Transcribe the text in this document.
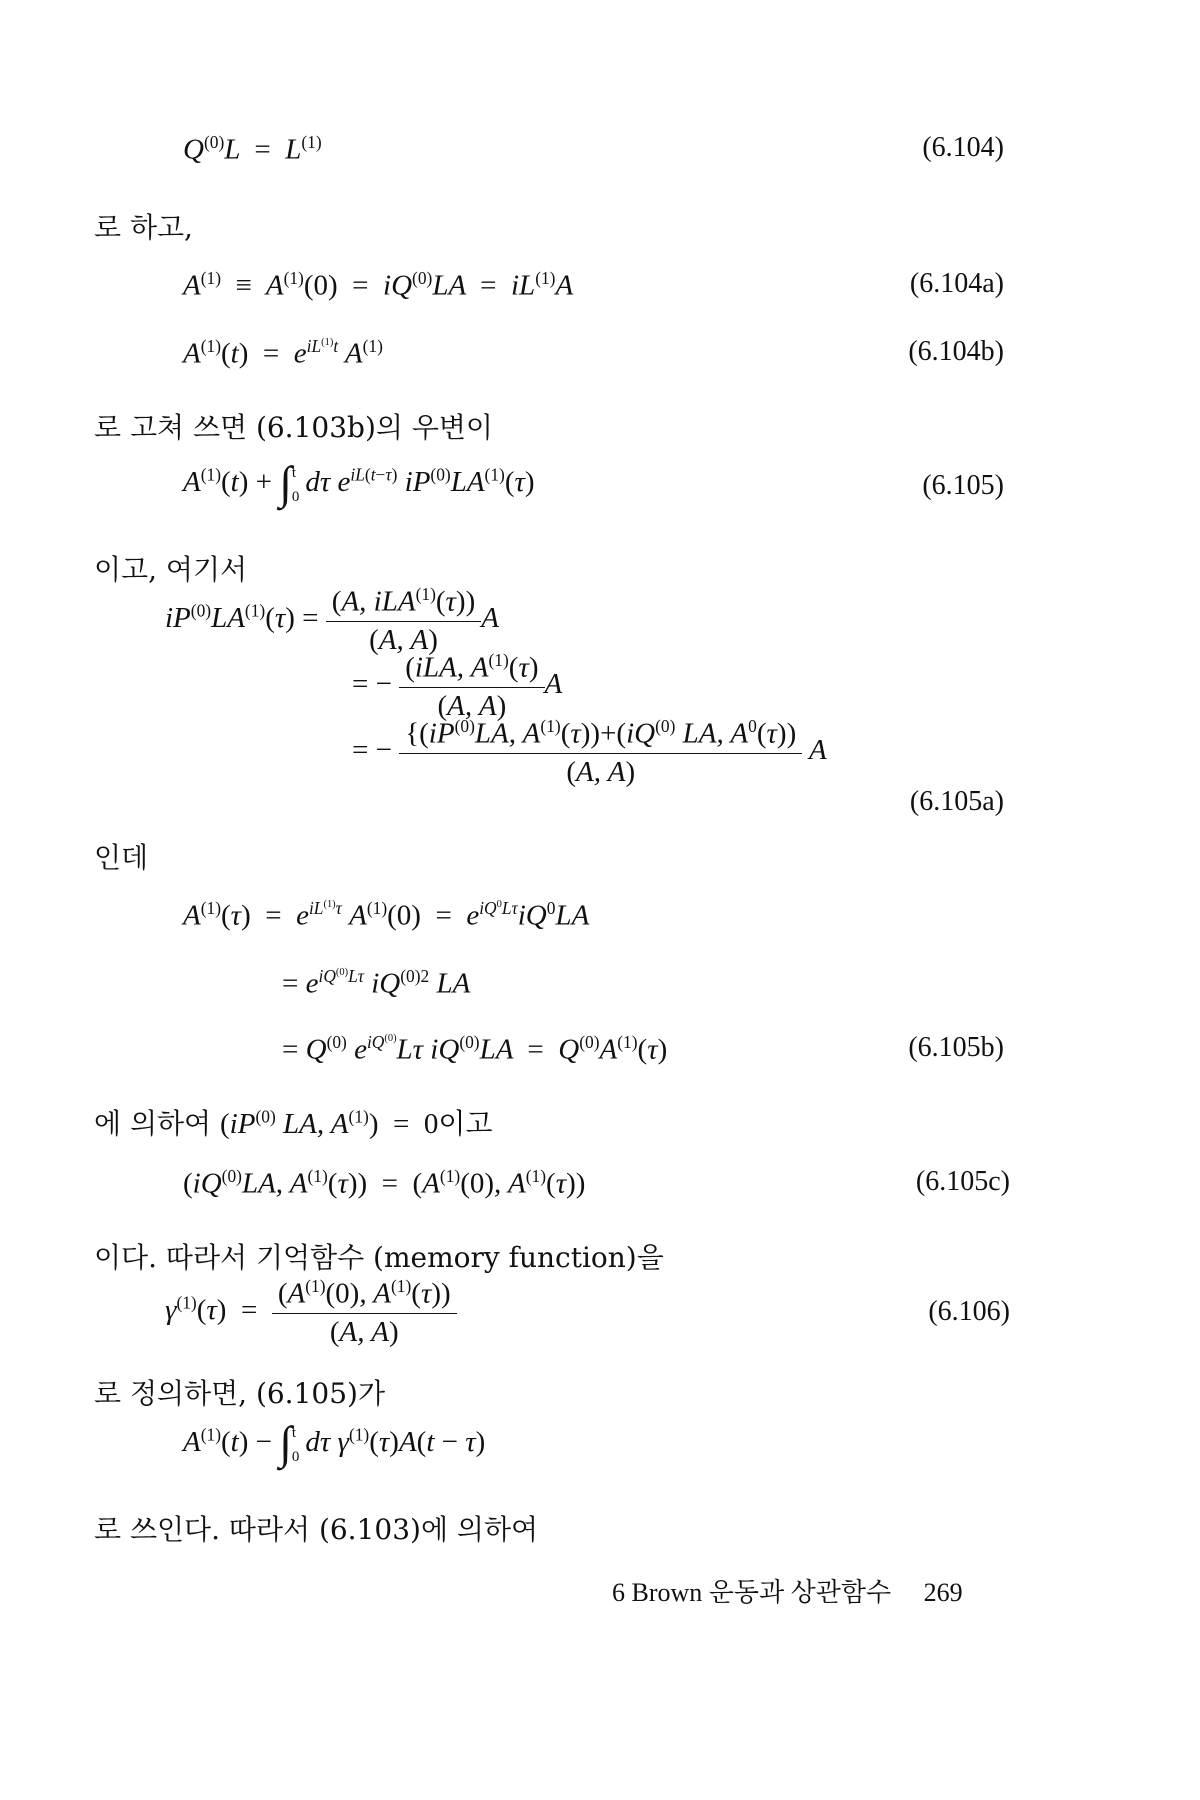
$Q^{(0)}L = L^{(1)}$	(6.104)
로 하고,
$A^{(1)} \equiv A^{(1)}(0) = iQ^{(0)}LA = iL^{(1)}A$	(6.104a)
$A^{(1)}(t) = e^{iL^{(1)}t}$ $A^{(1)}$	(6.104b)
로 고쳐 쓰면 (6.103b)의 우변이
$A^{(1)}(t) + \int t$
0 dτ $e^{iL(t-\tau)}$ $iP^{(0)}LA^{(1)}(\tau)$	(6.105)
이고, 여기서
$iP^{(0)}LA^{(1)}(\tau) = \frac{(A, iLA^{(1)}(\tau))}{(A, A)}$ A
= − $\frac{(iLA, A^{(1)}(\tau)}{(A, A)}$ A
= − $\frac{\{(iP^{(0)}LA, A^{(1)}(\tau))+(iQ^{(0)} LA, A^0(\tau))}{(A, A)}$ A
(6.105a)
인데
$A^{(1)}(\tau) = e^{iL^{(1)}\tau}$ $A^{(1)}(0) = e^{iQ^0L\tau}iQ^0LA$
= $e^{iQ^{(0)}L\tau}$ $iQ^{(0)2}$ LA
= $Q^{(0)}$ $e^{iQ^{(0)}}L\tau$ $iQ^{(0)}LA = Q^{(0)}A^{(1)}(\tau)$	(6.105b)
에 의하여 ($iP^{(0)}$ LA, $A^{(1)}) = 0$이고
($iQ^{(0)}LA$, $A^{(1)}(\tau)) = (A^{(1)}(0)$, $A^{(1)}(\tau)$)	(6.105c)
이다. 따라서 기억함수 (memory function)을
$\gamma^{(1)}(\tau) = \frac{(A^{(1)}(0), A^{(1)}(\tau))}{(A, A)}$	(6.106)
로 정의하면, (6.105)가
$A^{(1)}(t) - \int t$
0 dτ $\gamma^{(1)}(\tau)A(t - \tau)$
로 쓰인다. 따라서 (6.103)에 의하여
6 Brown 운동과 상관함수 269
